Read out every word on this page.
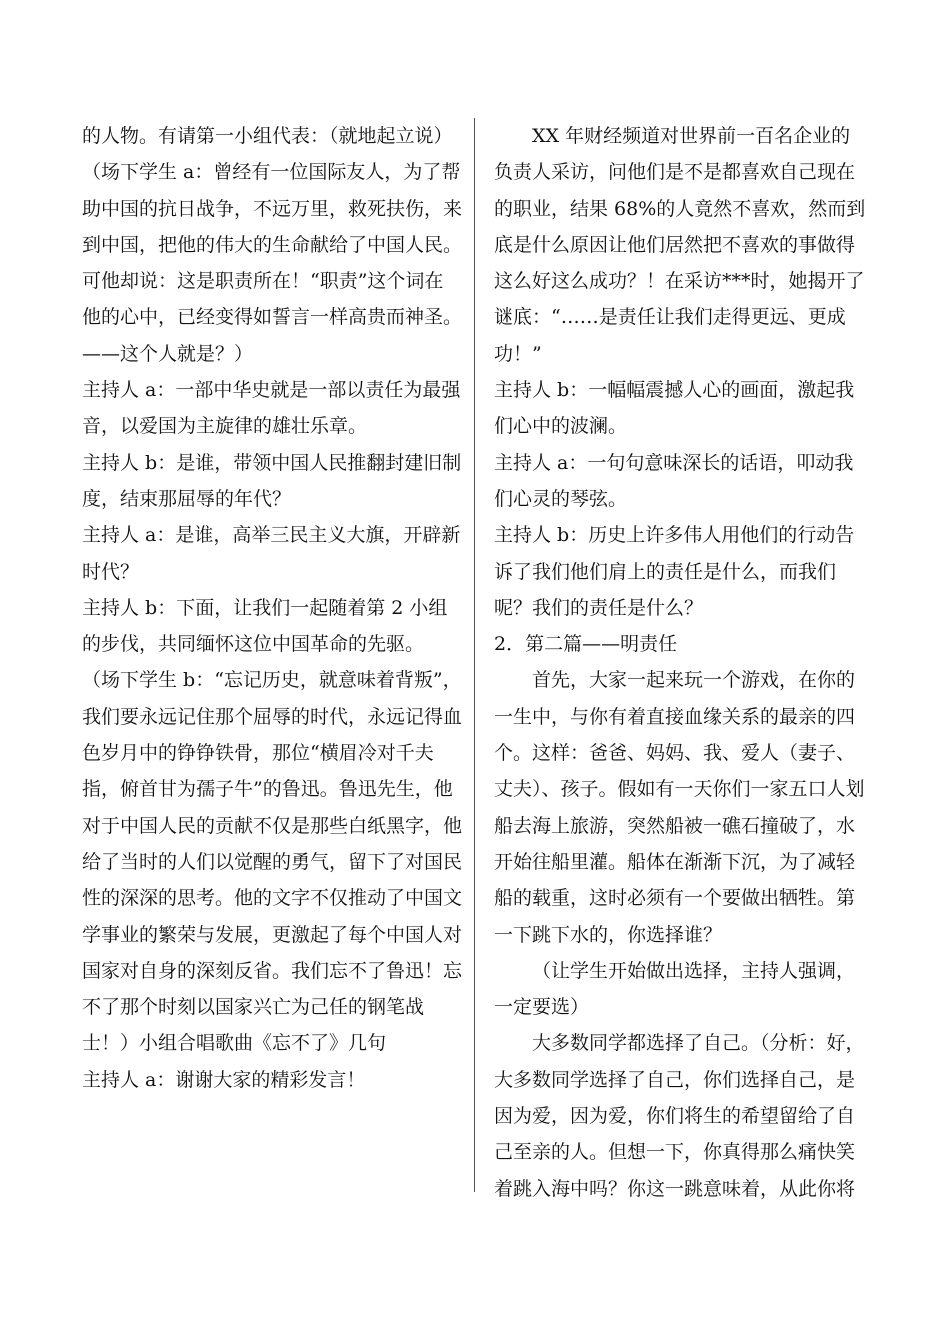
的人物。有请第一小组代表：（就地起立说）

（场下学生 a：曾经有一位国际友人，为了帮助中国的抗日战争，不远万里，救死扶伤，来到中国，把他的伟大的生命献给了中国人民。可他却说：这是职责所在！“职责”这个词在他的心中，已经变得如誓言一样高贵而神圣。——这个人就是？）

主持人 a：一部中华史就是一部以责任为最强音，以爱国为主旋律的雄壮乐章。

主持人 b：是谁，带领中国人民推翻封建旧制度，结束那屈辱的年代？

主持人 a：是谁，高举三民主义大旗，开辟新时代？

主持人 b：下面，让我们一起随着第 2 小组的步伐，共同缅怀这位中国革命的先驱。

（场下学生 b：“忘记历史，就意味着背叛”，我们要永远记住那个屈辱的时代，永远记得血色岁月中的铮铮铁骨，那位“横眉冷对千夫指，俯首甘为孺子牛”的鲁迅。鲁迅先生，他对于中国人民的贡献不仅是那些白纸黑字，他给了当时的人们以觉醒的勇气，留下了对国民性的深深的思考。他的文字不仅推动了中国文学事业的繁荣与发展，更激起了每个中国人对国家对自身的深刻反省。我们忘不了鲁迅！忘不了那个时刻以国家兴亡为己任的钢笔战士！）小组合唱歌曲《忘不了》几句

主持人 a：谢谢大家的精彩发言！

XX 年财经频道对世界前一百名企业的负责人采访，问他们是不是都喜欢自己现在的职业，结果 68%的人竟然不喜欢，然而到底是什么原因让他们居然把不喜欢的事做得这么好这么成功？！在采访***时，她揭开了谜底：“……是责任让我们走得更远、更成功！”

主持人 b：一幅幅震撼人心的画面，激起我们心中的波澜。

主持人 a：一句句意味深长的话语，叩动我们心灵的琴弦。

主持人 b：历史上许多伟人用他们的行动告诉了我们他们肩上的责任是什么，而我们呢？我们的责任是什么？

2．第二篇——明责任

首先，大家一起来玩一个游戏，在你的一生中，与你有着直接血缘关系的最亲的四个。这样：爸爸、妈妈、我、爱人（妻子、丈夫）、孩子。假如有一天你们一家五口人划船去海上旅游，突然船被一礁石撞破了，水开始往船里灌。船体在渐渐下沉，为了减轻船的载重，这时必须有一个要做出牺牲。第一下跳下水的，你选择谁？

（让学生开始做出选择，主持人强调，一定要选）

大多数同学都选择了自己。（分析：好，大多数同学选择了自己，你们选择自己，是因为爱，因为爱，你们将生的希望留给了自己至亲的人。但想一下，你真得那么痛快笑着跳入海中吗？你这一跳意味着，从此你将
